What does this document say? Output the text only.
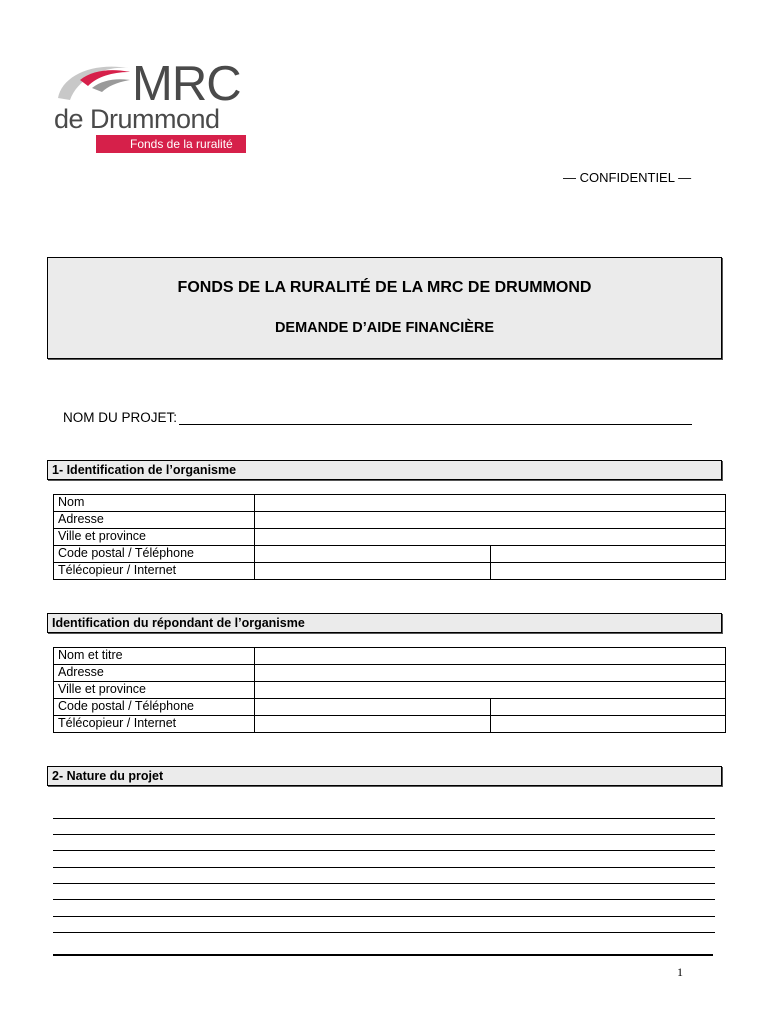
MRC
de Drummond
Fonds de la ruralité
— CONFIDENTIEL —
FONDS DE LA RURALITÉ DE LA MRC DE DRUMMOND
DEMANDE D’AIDE FINANCIÈRE
NOM DU PROJET:
1- Identification de l’organisme
Nom		
Adresse		
Ville et province		
Code postal / Téléphone		
Télécopieur / Internet		
Identification du répondant de l’organisme
Nom et titre		
Adresse		
Ville et province		
Code postal / Téléphone		
Télécopieur / Internet		
2- Nature du projet
1
